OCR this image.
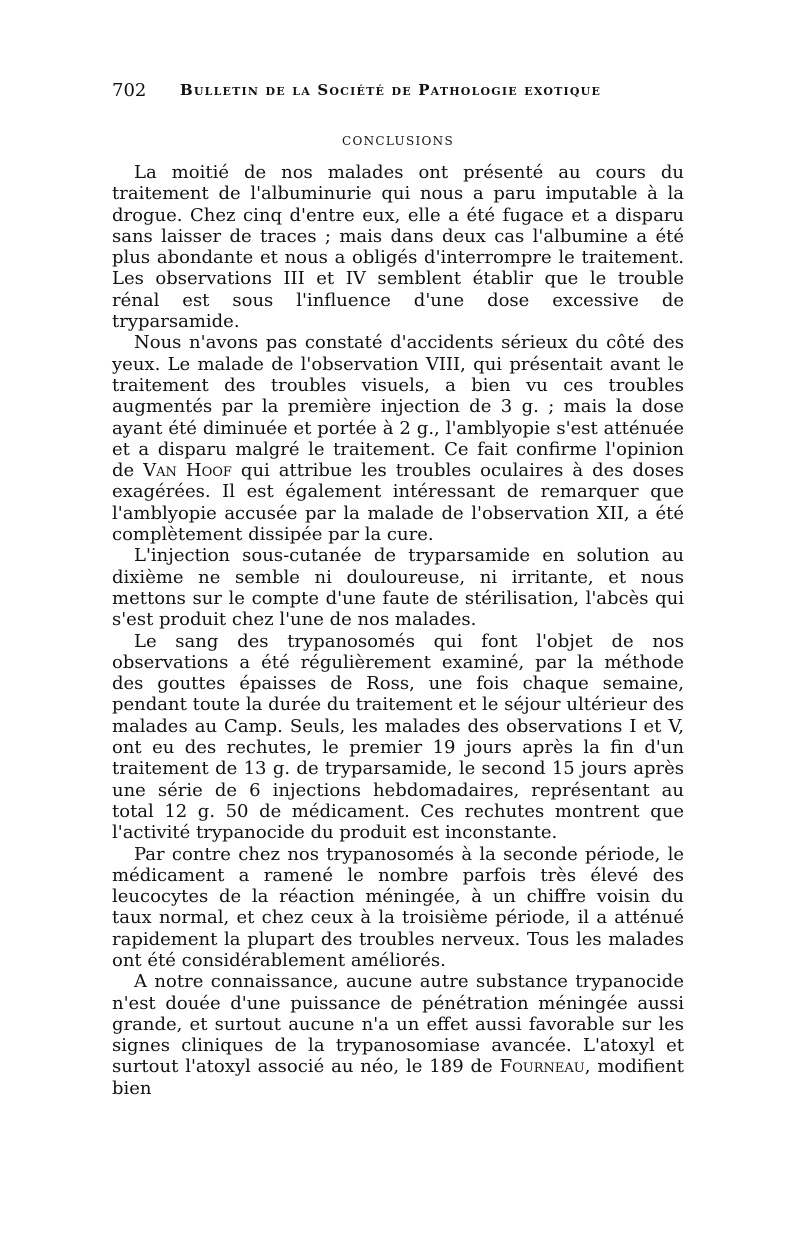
702 Bulletin de la Société de Pathologie exotique
CONCLUSIONS

La moitié de nos malades ont présenté au cours du traitement de l'albuminurie qui nous a paru imputable à la drogue. Chez cinq d'entre eux, elle a été fugace et a disparu sans laisser de traces ; mais dans deux cas l'albumine a été plus abondante et nous a obligés d'interrompre le traitement. Les observations III et IV semblent établir que le trouble rénal est sous l'influence d'une dose excessive de tryparsamide.

Nous n'avons pas constaté d'accidents sérieux du côté des yeux. Le malade de l'observation VIII, qui présentait avant le traitement des troubles visuels, a bien vu ces troubles augmentés par la première injection de 3 g. ; mais la dose ayant été diminuée et portée à 2 g., l'amblyopie s'est atténuée et a disparu malgré le traitement. Ce fait confirme l'opinion de Van Hoof qui attribue les troubles oculaires à des doses exagérées. Il est également intéressant de remarquer que l'amblyopie accusée par la malade de l'observation XII, a été complètement dissipée par la cure.

L'injection sous-cutanée de tryparsamide en solution au dixième ne semble ni douloureuse, ni irritante, et nous mettons sur le compte d'une faute de stérilisation, l'abcès qui s'est produit chez l'une de nos malades.

Le sang des trypanosomés qui font l'objet de nos observations a été régulièrement examiné, par la méthode des gouttes épaisses de Ross, une fois chaque semaine, pendant toute la durée du traitement et le séjour ultérieur des malades au Camp. Seuls, les malades des observations I et V, ont eu des rechutes, le premier 19 jours après la fin d'un traitement de 13 g. de tryparsamide, le second 15 jours après une série de 6 injections hebdomadaires, représentant au total 12 g. 50 de médicament. Ces rechutes montrent que l'activité trypanocide du produit est inconstante.

Par contre chez nos trypanosomés à la seconde période, le médicament a ramené le nombre parfois très élevé des leucocytes de la réaction méningée, à un chiffre voisin du taux normal, et chez ceux à la troisième période, il a atténué rapidement la plupart des troubles nerveux. Tous les malades ont été considérablement améliorés.

A notre connaissance, aucune autre substance trypanocide n'est douée d'une puissance de pénétration méningée aussi grande, et surtout aucune n'a un effet aussi favorable sur les signes cliniques de la trypanosomiase avancée. L'atoxyl et surtout l'atoxyl associé au néo, le 189 de Fourneau, modifient bien
